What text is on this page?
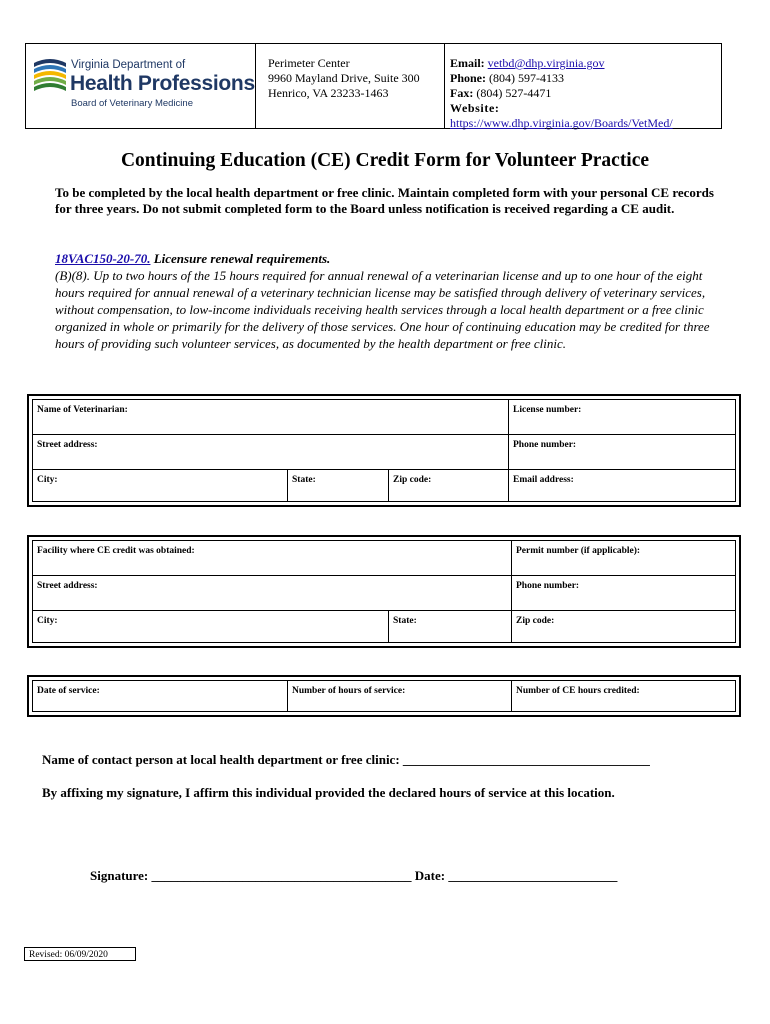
Virginia Department of
Health Professions
Board of Veterinary Medicine
Perimeter Center
9960 Mayland Drive, Suite 300
Henrico, VA 23233-1463
Email: vetbd@dhp.virginia.gov
Phone: (804) 597-4133
Fax: (804) 527-4471
Website:
https://www.dhp.virginia.gov/Boards/VetMed/
Continuing Education (CE) Credit Form for Volunteer Practice
To be completed by the local health department or free clinic. Maintain completed form with your personal CE records for three years. Do not submit completed form to the Board unless notification is received regarding a CE audit.
18VAC150-20-70. Licensure renewal requirements.
(B)(8). Up to two hours of the 15 hours required for annual renewal of a veterinarian license and up to one hour of the eight hours required for annual renewal of a veterinary technician license may be satisfied through delivery of veterinary services, without compensation, to low-income individuals receiving health services through a local health department or a free clinic organized in whole or primarily for the delivery of those services. One hour of continuing education may be credited for three hours of providing such volunteer services, as documented by the health department or free clinic.
Name of Veterinarian:	License number:
Street address:	Phone number:
City:	State:	Zip code:	Email address:
Facility where CE credit was obtained:	Permit number (if applicable):
Street address:	Phone number:
City:	State:	Zip code:
Date of service:	Number of hours of service:	Number of CE hours credited:
Name of contact person at local health department or free clinic: ______________________________________
By affixing my signature, I affirm this individual provided the declared hours of service at this location.
Signature: ________________________________________ Date: __________________________
Revised: 06/09/2020
